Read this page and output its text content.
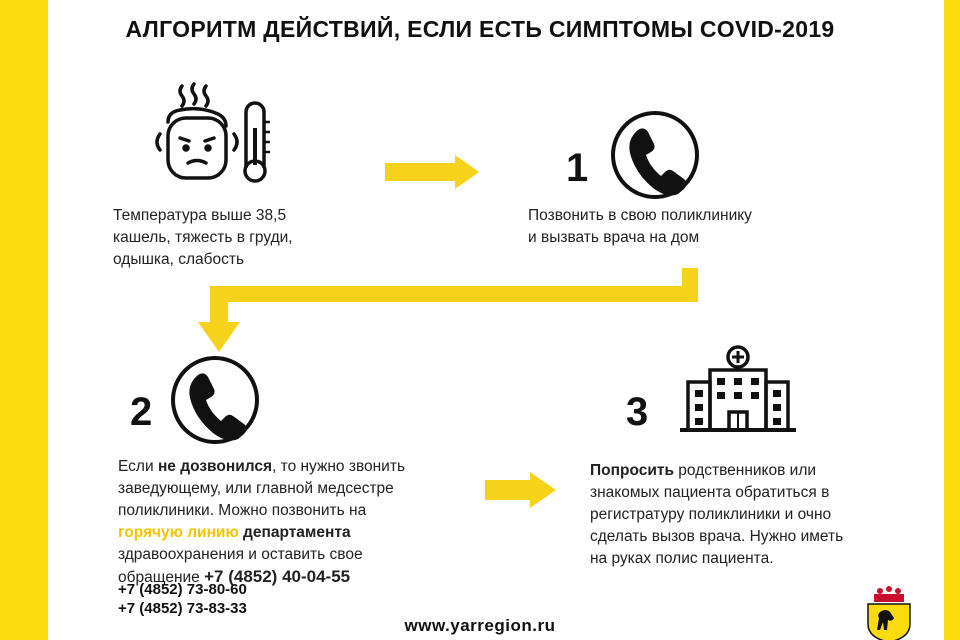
АЛГОРИТМ ДЕЙСТВИЙ, ЕСЛИ ЕСТЬ СИМПТОМЫ COVID-2019
Температура выше 38,5
кашель, тяжесть в груди,
одышка, слабость
1
Позвонить в свою поликлинику
и вызвать врача на дом
2
Если не дозвонился, то нужно звонить
заведующему, или главной медсестре
поликлиники. Можно позвонить на
горячую линию департамента
здравоохранения и оставить свое
обращение +7 (4852) 40-04-55
+7 (4852) 73-80-60
+7 (4852) 73-83-33
3
Попросить родственников или
знакомых пациента обратиться в
регистратуру поликлиники и очно
сделать вызов врача. Нужно иметь
на руках полис пациента.
www.yarregion.ru
